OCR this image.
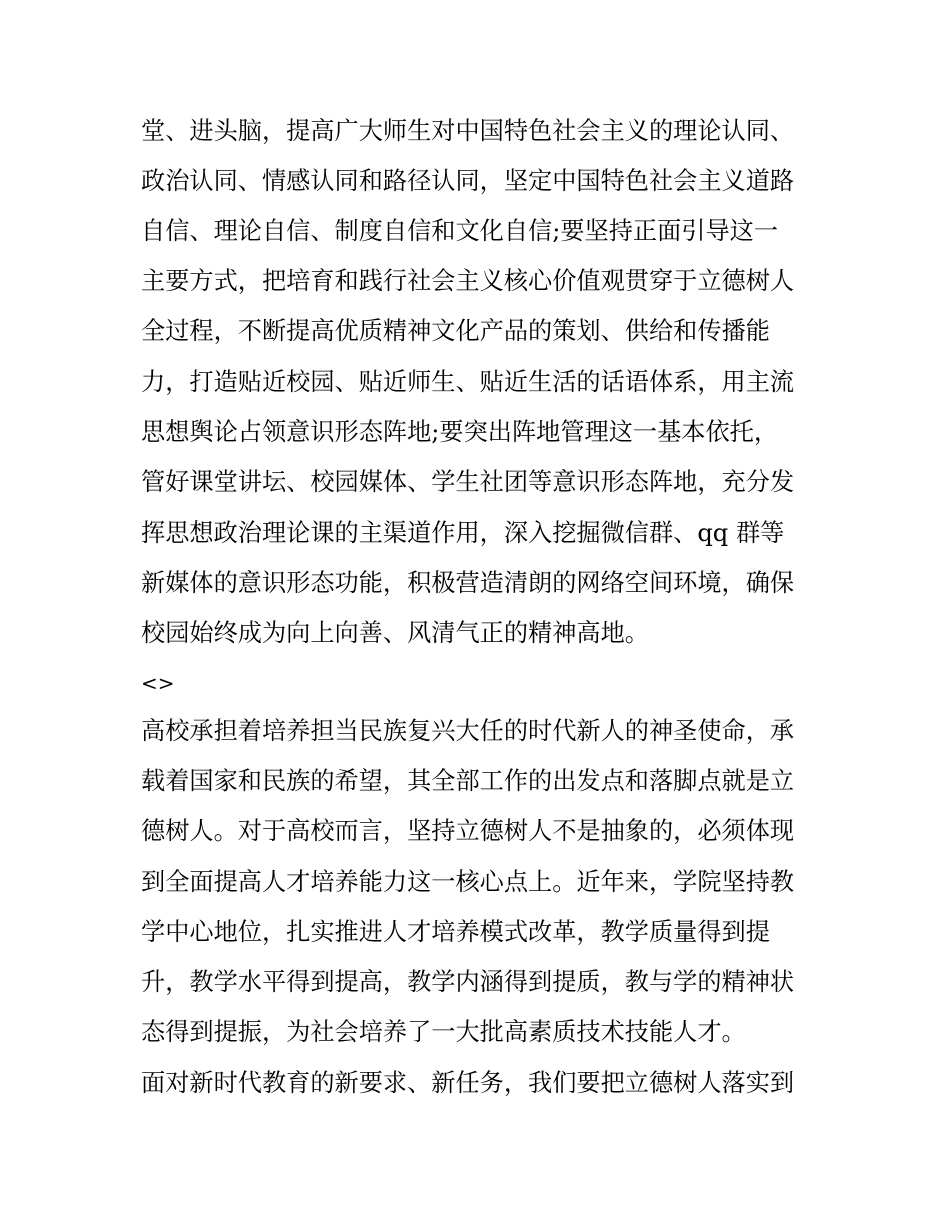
堂、进头脑，提高广大师生对中国特色社会主义的理论认同、
政治认同、情感认同和路径认同，坚定中国特色社会主义道路
自信、理论自信、制度自信和文化自信;要坚持正面引导这一
主要方式，把培育和践行社会主义核心价值观贯穿于立德树人
全过程，不断提高优质精神文化产品的策划、供给和传播能
力，打造贴近校园、贴近师生、贴近生活的话语体系，用主流
思想舆论占领意识形态阵地;要突出阵地管理这一基本依托，
管好课堂讲坛、校园媒体、学生社团等意识形态阵地，充分发
挥思想政治理论课的主渠道作用，深入挖掘微信群、qq 群等
新媒体的意识形态功能，积极营造清朗的网络空间环境，确保
校园始终成为向上向善、风清气正的精神高地。
<>
高校承担着培养担当民族复兴大任的时代新人的神圣使命，承
载着国家和民族的希望，其全部工作的出发点和落脚点就是立
德树人。对于高校而言，坚持立德树人不是抽象的，必须体现
到全面提高人才培养能力这一核心点上。近年来，学院坚持教
学中心地位，扎实推进人才培养模式改革，教学质量得到提
升，教学水平得到提高，教学内涵得到提质，教与学的精神状
态得到提振，为社会培养了一大批高素质技术技能人才。
面对新时代教育的新要求、新任务，我们要把立德树人落实到
